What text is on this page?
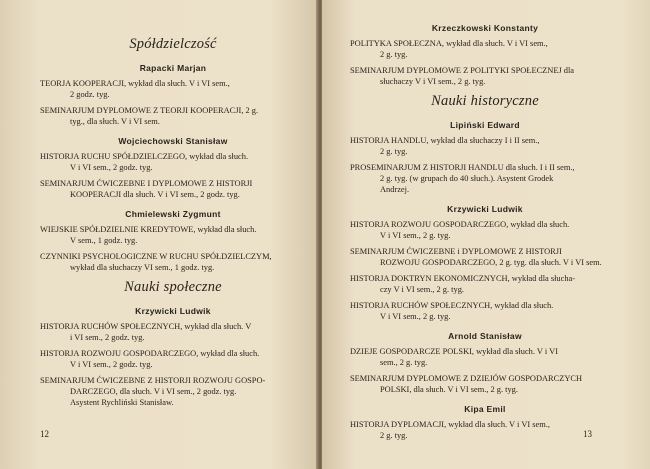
Spółdzielczość
Rapacki Marjan
TEORJA KOOPERACJI, wykład dla słuch. V i VI sem.,
2 godz. tyg.
SEMINARJUM DYPLOMOWE Z TEORJI KOOPERACJI, 2 g.
tyg., dla słuch. V i VI sem.
Wojciechowski Stanisław
HISTORJA RUCHU SPÓŁDZIELCZEGO, wykład dla słuch.
V i VI sem., 2 godz. tyg.
SEMINARJUM ĆWICZEBNE I DYPLOMOWE Z HISTORJI
KOOPERACJI dla słuch. V i VI sem., 2 godz. tyg.
Chmielewski Zygmunt
WIEJSKIE SPÓŁDZIELNIE KREDYTOWE, wykład dla słuch.
V sem., 1 godz. tyg.
CZYNNIKI PSYCHOLOGICZNE W RUCHU SPÓŁDZIELCZYM,
wykład dla słuchaczy VI sem., 1 godz. tyg.
Nauki społeczne
Krzywicki Ludwik
HISTORJA RUCHÓW SPOŁECZNYCH, wykład dla słuch. V
i VI sem., 2 godz. tyg.
HISTORJA ROZWOJU GOSPODARCZEGO, wykład dla słuch.
V i VI sem., 2 godz. tyg.
SEMINARJUM ĆWICZEBNE Z HISTORJI ROZWOJU GOSPO-
DARCZEGO, dla słuch. V i VI sem., 2 godz. tyg.
Asystent Rychliński Stanisław.
12
Krzeczkowski Konstanty
POLITYKA SPOŁECZNA, wykład dla słuch. V i VI sem.,
2 g. tyg.
SEMINARJUM DYPLOMOWE Z POLITYKI SPOŁECZNEJ dla
słuchaczy V i VI sem., 2 g. tyg.
Nauki historyczne
Lipiński Edward
HISTORJA HANDLU, wykład dla słuchaczy I i II sem.,
2 g. tyg.
PROSEMINARJUM Z HISTORJI HANDLU dla słuch. I i II sem.,
2 g. tyg. (w grupach do 40 słuch.). Asystent Grodek
Andrzej.
Krzywicki Ludwik
HISTORJA ROZWOJU GOSPODARCZEGO, wykład dla słuch.
V i VI sem., 2 g. tyg.
SEMINARJUM ĆWICZEBNE i DYPLOMOWE Z HISTORJI
ROZWOJU GOSPODARCZEGO, 2 g. tyg. dla słuch. V i VI sem.
HISTORJA DOKTRYN EKONOMICZNYCH, wykład dla słucha-
czy V i VI sem., 2 g. tyg.
HISTORJA RUCHÓW SPOŁECZNYCH, wykład dla słuch.
V i VI sem., 2 g. tyg.
Arnold Stanisław
DZIEJE GOSPODARCZE POLSKI, wykład dla słuch. V i VI
sem., 2 g. tyg.
SEMINARJUM DYPLOMOWE Z DZIEJÓW GOSPODARCZYCH
POLSKI, dla słuch. V i VI sem., 2 g. tyg.
Kipa Emil
HISTORJA DYPLOMACJI, wykład dla słuch. V i VI sem.,
2 g. tyg.	13
